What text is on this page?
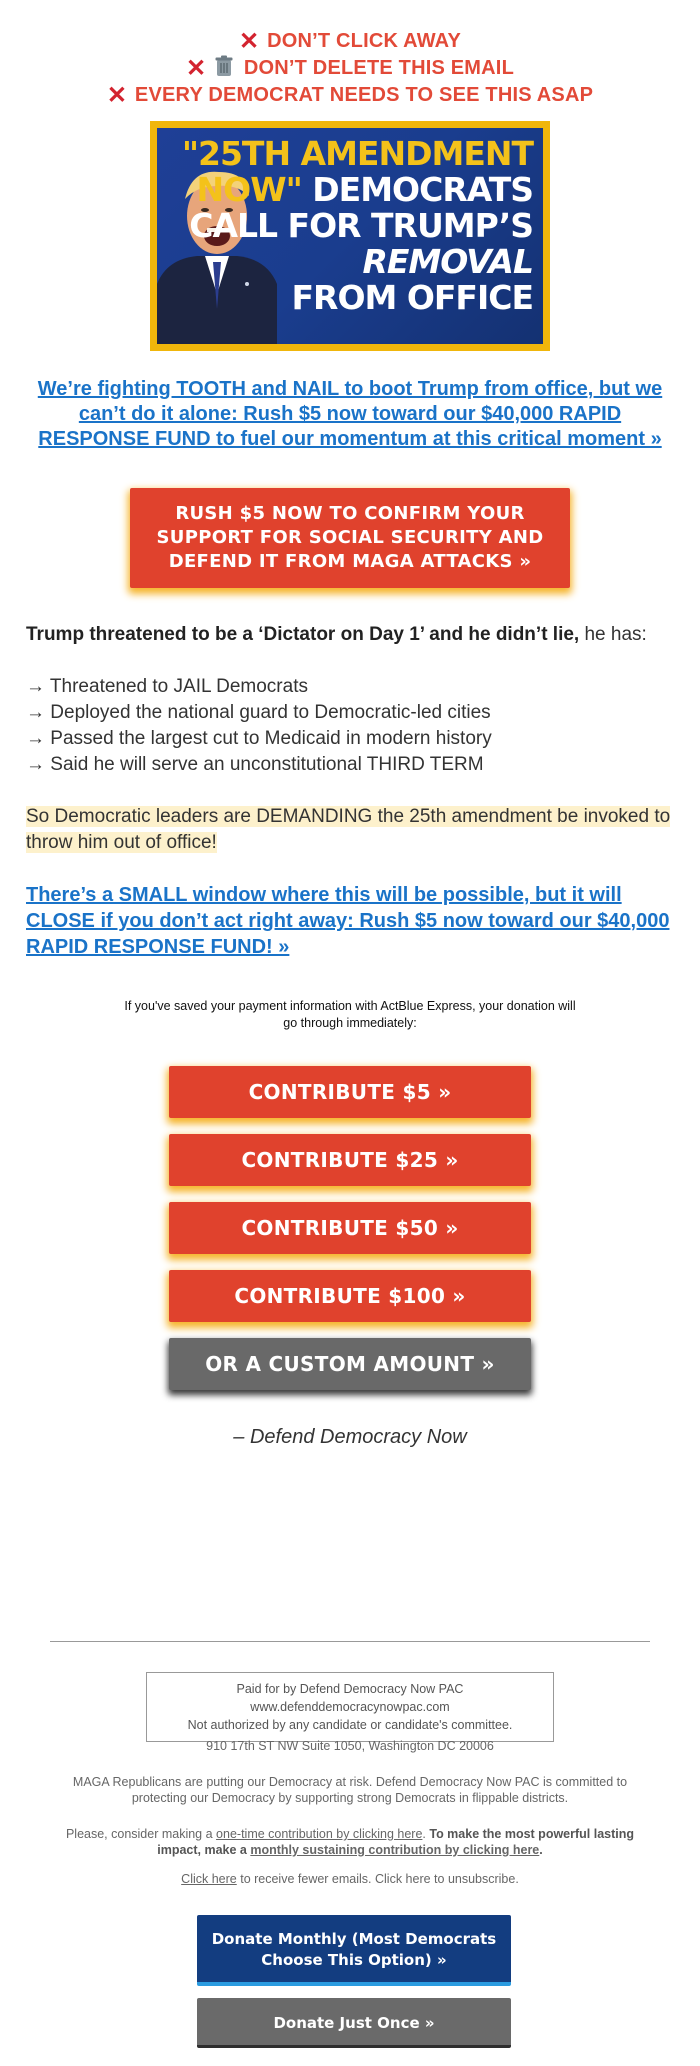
✕ DON’T CLICK AWAY
✕ DON’T DELETE THIS EMAIL
✕ EVERY DEMOCRAT NEEDS TO SEE THIS ASAP
"25TH AMENDMENT
NOW" DEMOCRATS
CALL FOR TRUMP’S
REMOVAL
FROM OFFICE
We’re fighting TOOTH and NAIL to boot Trump from office, but we can’t do it alone: Rush $5 now toward our $40,000 RAPID RESPONSE FUND to fuel our momentum at this critical moment »
RUSH $5 NOW TO CONFIRM YOUR SUPPORT FOR SOCIAL SECURITY AND DEFEND IT FROM MAGA ATTACKS »

Trump threatened to be a ‘Dictator on Day 1’ and he didn’t lie, he has:

→ Threatened to JAIL Democrats
→ Deployed the national guard to Democratic-led cities
→ Passed the largest cut to Medicaid in modern history
→ Said he will serve an unconstitutional THIRD TERM

So Democratic leaders are DEMANDING the 25th amendment be invoked to throw him out of office!

There’s a SMALL window where this will be possible, but it will CLOSE if you don’t act right away: Rush $5 now toward our $40,000 RAPID RESPONSE FUND! »

If you've saved your payment information with ActBlue Express, your donation will go through immediately:

CONTRIBUTE $5 »
CONTRIBUTE $25 »
CONTRIBUTE $50 »
CONTRIBUTE $100 »
OR A CUSTOM AMOUNT »

– Defend Democracy Now

Paid for by Defend Democracy Now PAC
www.defenddemocracynowpac.com
Not authorized by any candidate or candidate's committee.
910 17th ST NW Suite 1050, Washington DC 20006
MAGA Republicans are putting our Democracy at risk. Defend Democracy Now PAC is committed to protecting our Democracy by supporting strong Democrats in flippable districts.
Please, consider making a one-time contribution by clicking here. To make the most powerful lasting impact, make a monthly sustaining contribution by clicking here.
Click here to receive fewer emails. Click here to unsubscribe.
Donate Monthly (Most Democrats Choose This Option) »
Donate Just Once »
